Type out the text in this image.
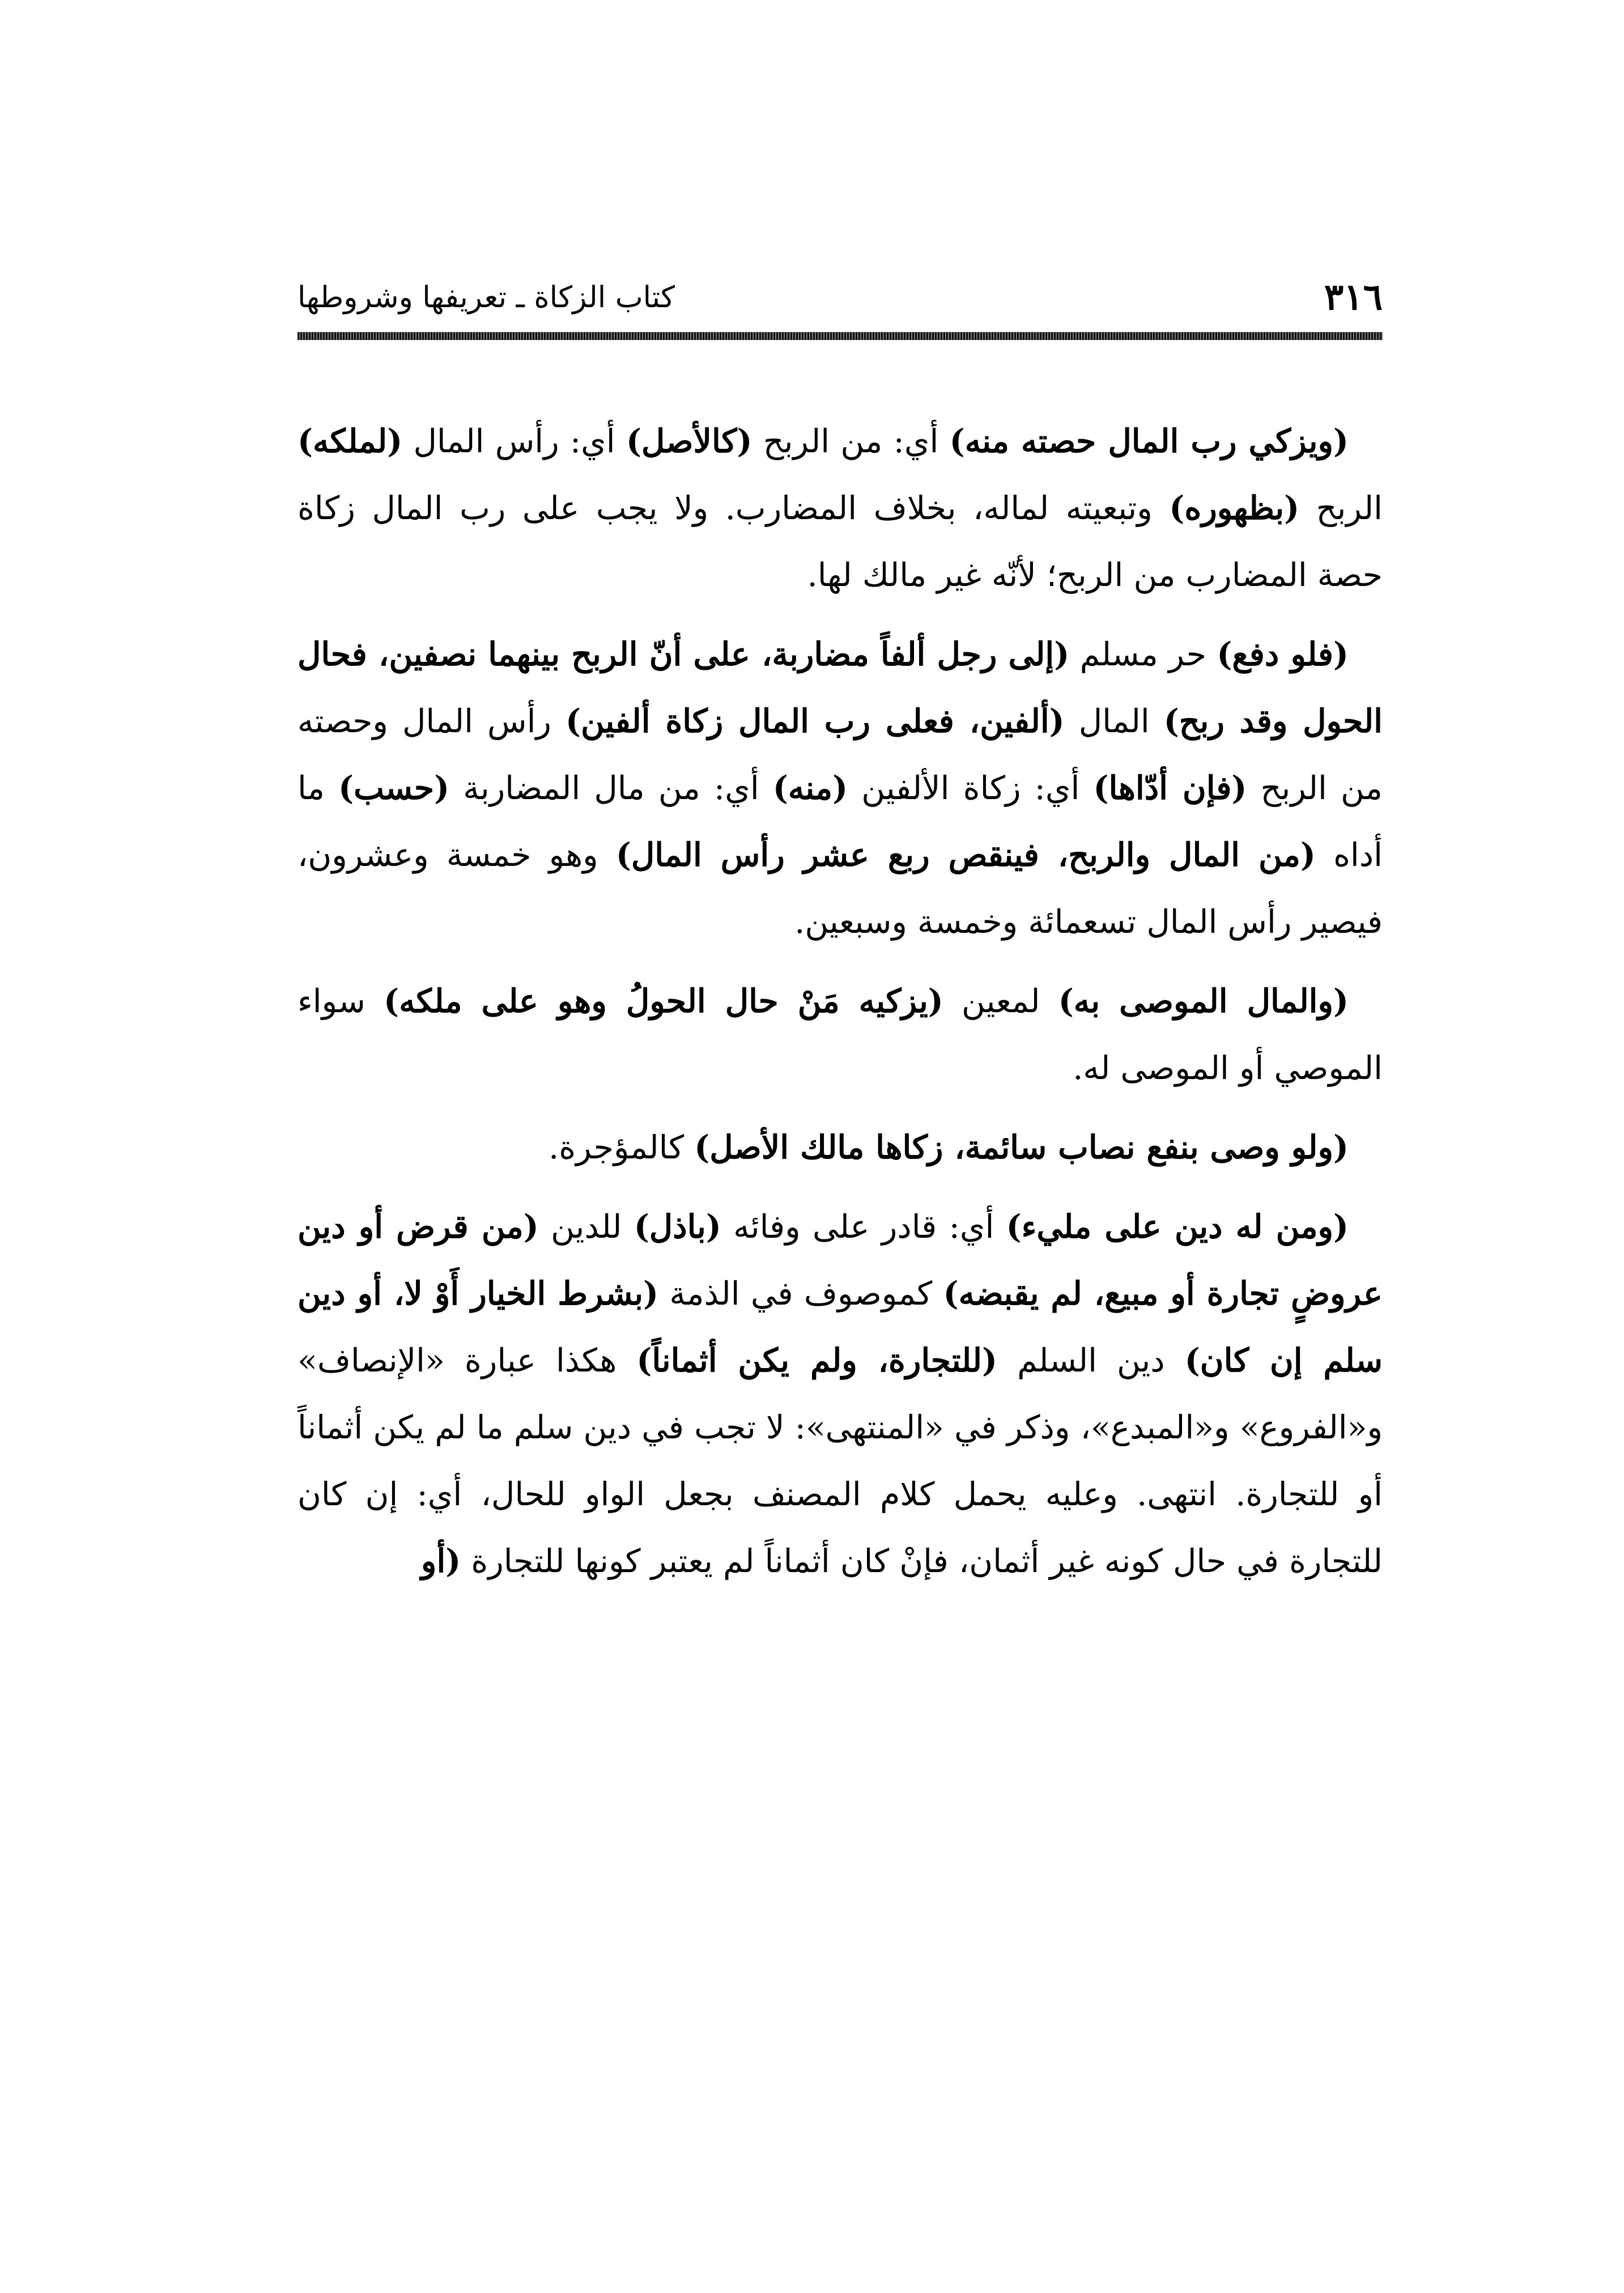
٣١٦
كتاب الزكاة ـ تعريفها وشروطها

(ويزكي رب المال حصته منه) أي: من الربح (كالأصل) أي: رأس المال (لملكه) الربح (بظهوره) وتبعيته لماله، بخلاف المضارب. ولا يجب على رب المال زكاة حصة المضارب من الربح؛ لأنّه غير مالك لها.

(فلو دفع) حر مسلم (إلى رجل ألفاً مضاربة، على أنّ الربح بينهما نصفين، فحال الحول وقد ربح) المال (ألفين، فعلى رب المال زكاة ألفين) رأس المال وحصته من الربح (فإن أدّاها) أي: زكاة الألفين (منه) أي: من مال المضاربة (حسب) ما أداه (من المال والربح، فينقص ربع عشر رأس المال) وهو خمسة وعشرون، فيصير رأس المال تسعمائة وخمسة وسبعين.

(والمال الموصى به) لمعين (يزكيه مَنْ حال الحولُ وهو على ملكه) سواء الموصي أو الموصى له.

(ولو وصى بنفع نصاب سائمة، زكاها مالك الأصل) كالمؤجرة.

(ومن له دين على مليء) أي: قادر على وفائه (باذل) للدين (من قرض أو دين عروضٍ تجارة أو مبيع، لم يقبضه) كموصوف في الذمة (بشرط الخيار أَوْ لا، أو دين سلم إن كان) دين السلم (للتجارة، ولم يكن أثماناً) هكذا عبارة «الإنصاف» و«الفروع» و«المبدع»، وذكر في «المنتهى»: لا تجب في دين سلم ما لم يكن أثماناً أو للتجارة. انتهى. وعليه يحمل كلام المصنف بجعل الواو للحال، أي: إن كان للتجارة في حال كونه غير أثمان، فإنْ كان أثماناً لم يعتبر كونها للتجارة (أو
